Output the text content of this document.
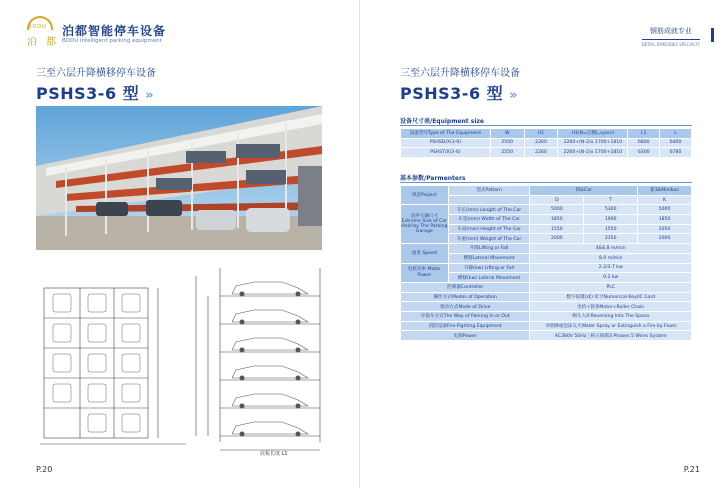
BODU
泊 都
泊都智能停车设备
BODU intelligent parking equipment
三至六层升降横移停车设备
PSHS3-6 型 »
底板长度 L1
P.20
钢筋成就专业
DETAIL EMBODIES SPECIALTY
三至六层升降横移停车设备
PSHS3-6 型 »
设备尺寸表/Equipment size
设备型号Type of The Equipment	W	H1	H1(N=层数L,syers)	L1	L
PSHSD/X(3-6)	2500	2260	2260+(N-2)x 1700+1810	6800	6400
PSHST/X(3-6)	2550	2260	2260+(N-2)x 1700+1810	6300	6780
基本参数/Parmenters
规范Project	型式Pattern	轿&Car		新3&Minibus
		D	T	K
适停车辆尺寸 Extreme Size of Car Held by The Parking Garage	车长(mm) Length of The Car	5000	5300	5000
	车宽(mm) Width of The Car	1850	1900	1850
	车高(mm) Height of The Car	1550	1550	2050
	车重(mm) Weight of The Car	2000	2350	2000
速度 Speed	升降Lifting or Fall	4&6.8 m/min		
	横移Lateral Movement	8.0 m/min		
电机功率 Motor Power	升降(kw) Lifting or Fall	2.2/3.7 kw		
	横移(kw) Lateral Movement	0.2 kw		
控制器Controller		PLC		
操作方式Modes of Operation		数字按键(或) IC卡Numerical Key/IC Cord		
驱动方式Mode of Drive		电机+链条Motor+Roller Chain		
存取车方式The Way of Parking In or Out		倒车入库Reversing Into The Space		
消防设备Fire-Fighting Equipment		水喷淋或泡沫灭火Water Spray or Extinguish a Fire by Foam		
电源Power		AC380V 50Hz三相五线制3 Phases 5 Wires System		
P.21
